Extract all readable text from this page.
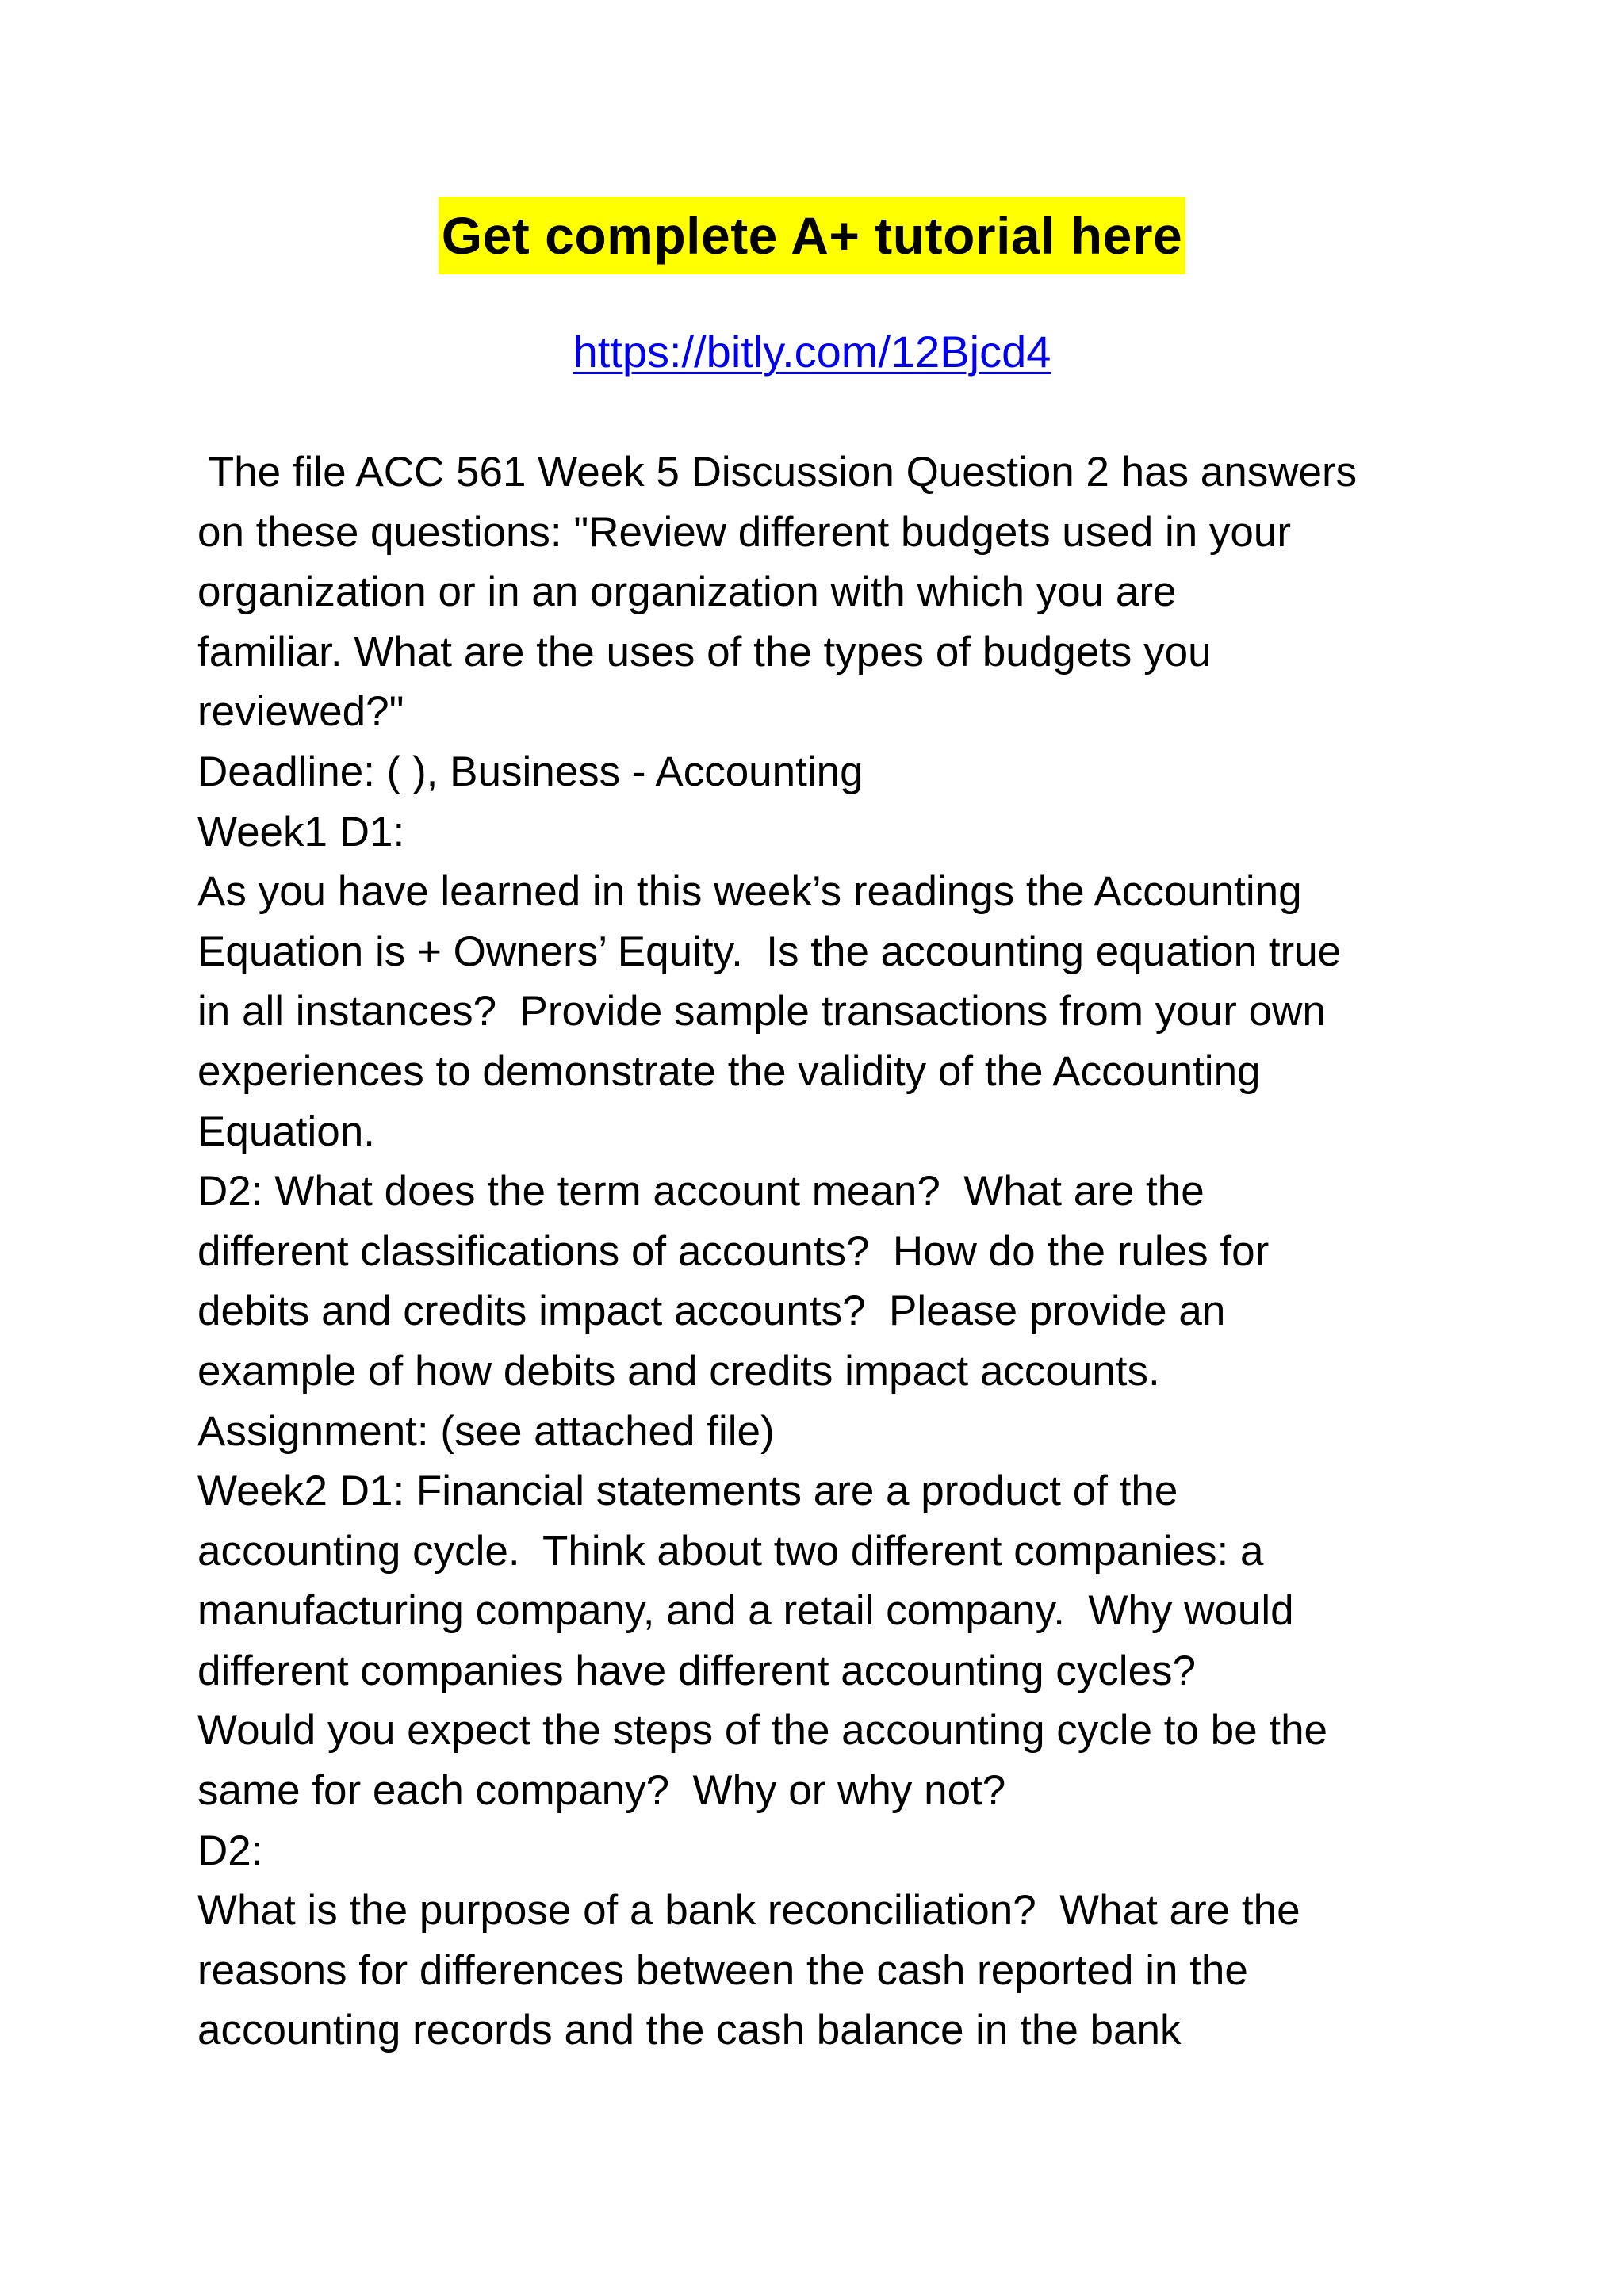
Get complete A+ tutorial here
https://bitly.com/12Bjcd4
The file ACC 561 Week 5 Discussion Question 2 has answers
on these questions: "Review different budgets used in your
organization or in an organization with which you are
familiar. What are the uses of the types of budgets you
reviewed?"
Deadline: ( ), Business - Accounting
Week1 D1:
As you have learned in this week’s readings the Accounting
Equation is + Owners’ Equity.  Is the accounting equation true
in all instances?  Provide sample transactions from your own
experiences to demonstrate the validity of the Accounting
Equation.
D2: What does the term account mean?  What are the
different classifications of accounts?  How do the rules for
debits and credits impact accounts?  Please provide an
example of how debits and credits impact accounts.
Assignment: (see attached file)
Week2 D1: Financial statements are a product of the
accounting cycle.  Think about two different companies: a
manufacturing company, and a retail company.  Why would
different companies have different accounting cycles?
Would you expect the steps of the accounting cycle to be the
same for each company?  Why or why not?
D2:
What is the purpose of a bank reconciliation?  What are the
reasons for differences between the cash reported in the
accounting records and the cash balance in the bank
